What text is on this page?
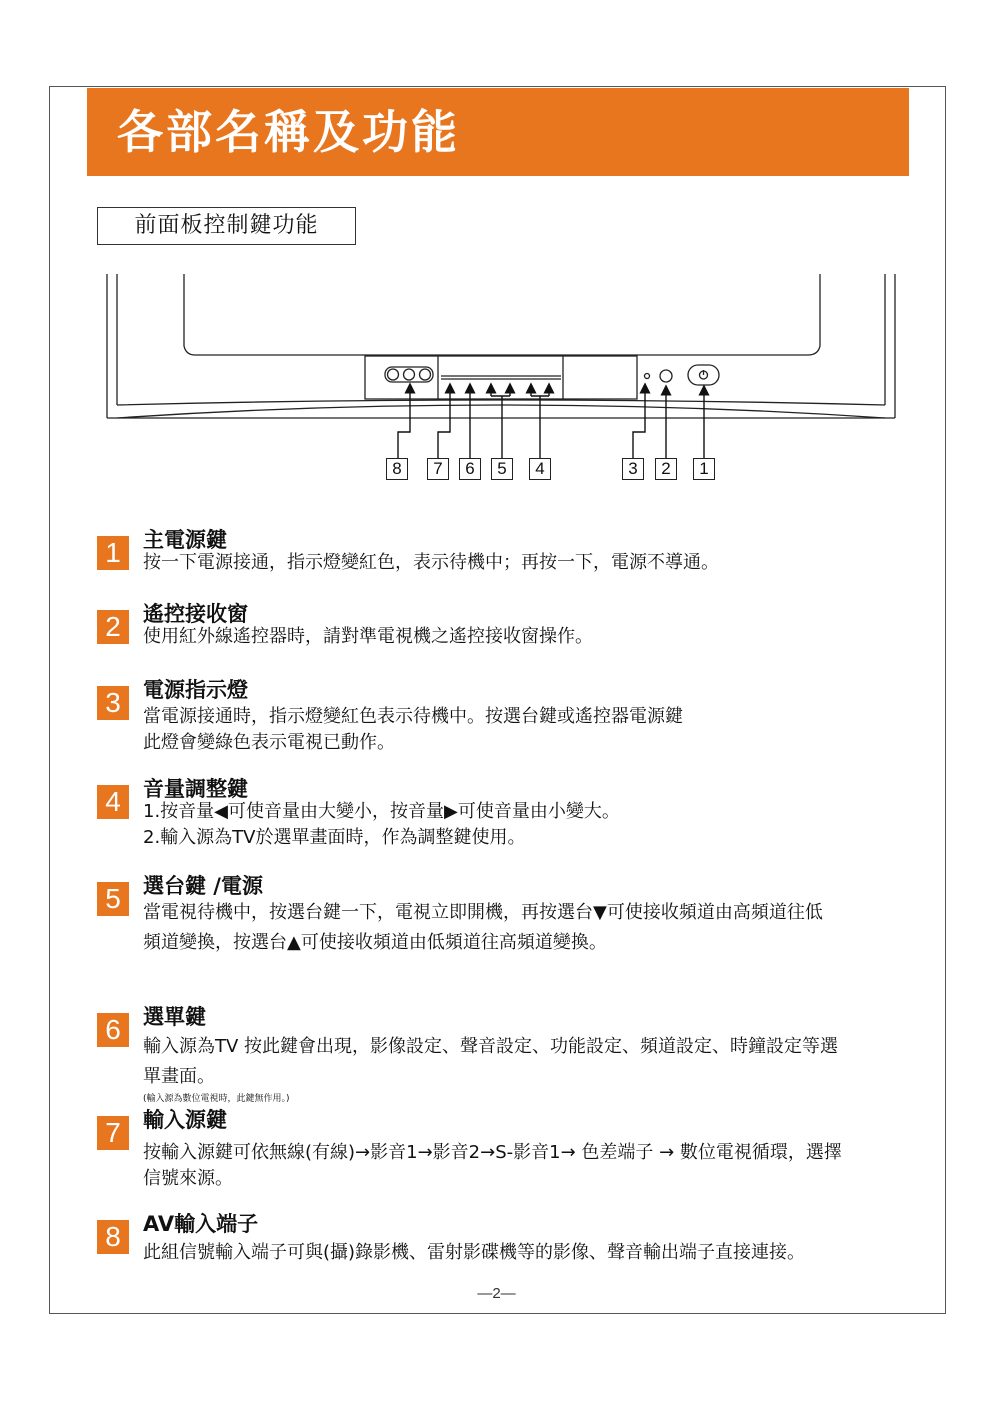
各部名稱及功能
前面板控制鍵功能
8	7	6	5	4	3	2	1
1	主電源鍵
按一下電源接通，指示燈變紅色，表示待機中；再按一下，電源不導通。
2	遙控接收窗
使用紅外線遙控器時，請對準電視機之遙控接收窗操作。
3	電源指示燈
當電源接通時，指示燈變紅色表示待機中。按選台鍵或遙控器電源鍵
此燈會變綠色表示電視已動作。
4	音量調整鍵
1.按音量◀可使音量由大變小，按音量▶可使音量由小變大。
2.輸入源為TV於選單畫面時，作為調整鍵使用。
5	選台鍵 /電源
當電視待機中，按選台鍵一下，電視立即開機，再按選台▼可使接收頻道由高頻道往低
頻道變換，按選台▲可使接收頻道由低頻道往高頻道變換。
6	選單鍵
輸入源為TV 按此鍵會出現，影像設定、聲音設定、功能設定、頻道設定、時鐘設定等選
單畫面。
(輸入源為數位電視時，此鍵無作用。)
7	輸入源鍵
按輸入源鍵可依無線(有線)→影音1→影音2→S-影音1→ 色差端子 → 數位電視循環，選擇
信號來源。
8	AV輸入端子
此組信號輸入端子可與(攝)錄影機、雷射影碟機等的影像、聲音輸出端子直接連接。
—2—
